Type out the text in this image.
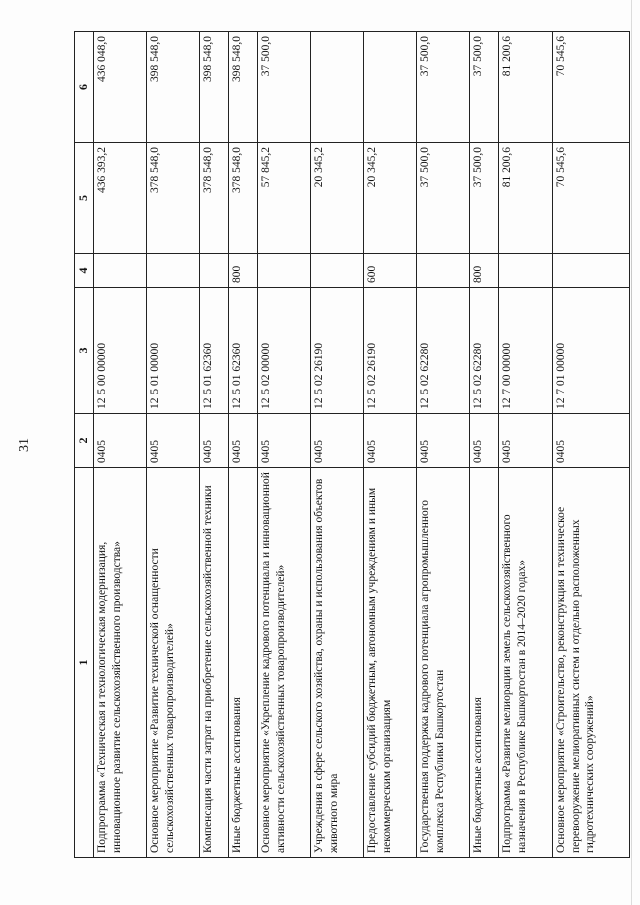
31
1	2	3	4	5	6
Подпрограмма «Техническая и технологическая модернизация, инновационное развитие сельскохозяйственного производства»	0405	12 5 00 00000		436 393,2	436 048,0
Основное мероприятие «Развитие технической оснащенности сельскохозяйственных товаропроизводителей»	0405	12 5 01 00000		378 548,0	398 548,0
Компенсация части затрат на приобретение сельскохозяйственной техники	0405	12 5 01 62360		378 548,0	398 548,0
Иные бюджетные ассигнования	0405	12 5 01 62360	800	378 548,0	398 548,0
Основное мероприятие «Укрепление кадрового потенциала и инновационной активности сельскохозяйственных товаропроизводителей»	0405	12 5 02 00000		57 845,2	37 500,0
Учреждения в сфере сельского хозяйства, охраны и использования объектов животного мира	0405	12 5 02 26190		20 345,2	
Предоставление субсидий бюджетным, автономным учреждениям и иным некоммерческим организациям	0405	12 5 02 26190	600	20 345,2	
Государственная поддержка кадрового потенциала агропромышленного комплекса Республики Башкортостан	0405	12 5 02 62280		37 500,0	37 500,0
Иные бюджетные ассигнования	0405	12 5 02 62280	800	37 500,0	37 500,0
Подпрограмма «Развитие мелиорации земель сельскохозяйственного назначения в Республике Башкортостан в 2014–2020 годах»	0405	12 7 00 00000		81 200,6	81 200,6
Основное мероприятие «Строительство, реконструкция и техническое перевооружение мелиоративных систем и отдельно расположенных гидротехнических сооружений»	0405	12 7 01 00000		70 545,6	70 545,6
